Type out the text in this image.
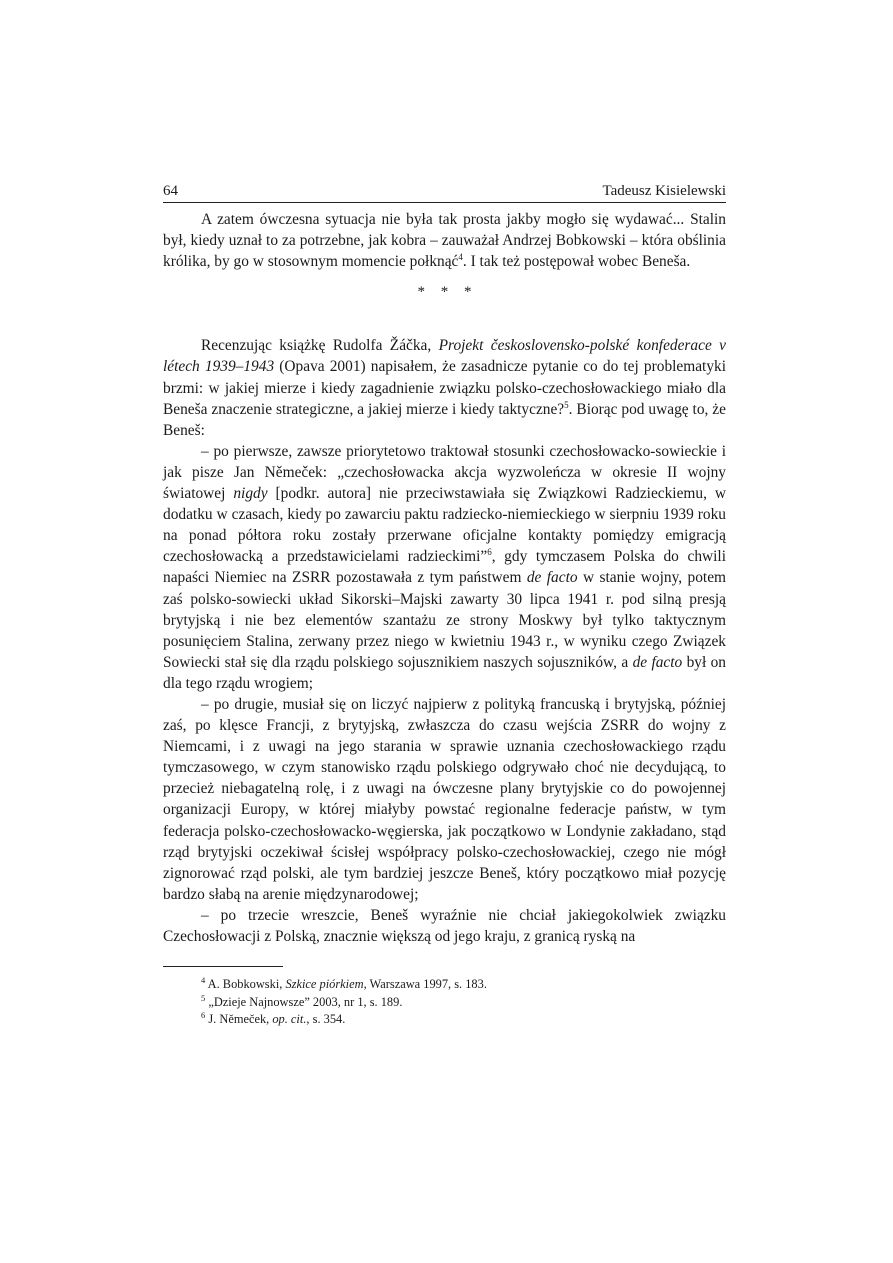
64	Tadeusz Kisielewski

A zatem ówczesna sytuacja nie była tak prosta jakby mogło się wydawać... Stalin był, kiedy uznał to za potrzebne, jak kobra – zauważał Andrzej Bobkowski – która obślinia królika, by go w stosownym momencie połknąć$^4$. I tak też postępował wobec Beneša.

* * *

Recenzując książkę Rudolfa Žáčka, Projekt československo-polské konfederace v létech 1939–1943 (Opava 2001) napisałem, że zasadnicze pytanie co do tej problematyki brzmi: w jakiej mierze i kiedy zagadnienie związku polsko-czechosłowackiego miało dla Beneša znaczenie strategiczne, a jakiej mierze i kiedy taktyczne?$^5$. Biorąc pod uwagę to, że Beneš:

– po pierwsze, zawsze priorytetowo traktował stosunki czechosłowacko-sowieckie i jak pisze Jan Němeček: „czechosłowacka akcja wyzwoleńcza w okresie II wojny światowej nigdy [podkr. autora] nie przeciwstawiała się Związkowi Radzieckiemu, w dodatku w czasach, kiedy po zawarciu paktu radziecko-niemieckiego w sierpniu 1939 roku na ponad półtora roku zostały przerwane oficjalne kontakty pomiędzy emigracją czechosłowacką a przedstawicielami radzieckimi”$^6$, gdy tymczasem Polska do chwili napaści Niemiec na ZSRR pozostawała z tym państwem de facto w stanie wojny, potem zaś polsko-sowiecki układ Sikorski–Majski zawarty 30 lipca 1941 r. pod silną presją brytyjską i nie bez elementów szantażu ze strony Moskwy był tylko taktycznym posunięciem Stalina, zerwany przez niego w kwietniu 1943 r., w wyniku czego Związek Sowiecki stał się dla rządu polskiego sojusznikiem naszych sojuszników, a de facto był on dla tego rządu wrogiem;

– po drugie, musiał się on liczyć najpierw z polityką francuską i brytyjską, później zaś, po klęsce Francji, z brytyjską, zwłaszcza do czasu wejścia ZSRR do wojny z Niemcami, i z uwagi na jego starania w sprawie uznania czechosłowackiego rządu tymczasowego, w czym stanowisko rządu polskiego odgrywało choć nie decydującą, to przecież niebagatelną rolę, i z uwagi na ówczesne plany brytyjskie co do powojennej organizacji Europy, w której miałyby powstać regionalne federacje państw, w tym federacja polsko-czechosłowacko-węgierska, jak początkowo w Londynie zakładano, stąd rząd brytyjski oczekiwał ścisłej współpracy polsko-czechosłowackiej, czego nie mógł zignorować rząd polski, ale tym bardziej jeszcze Beneš, który początkowo miał pozycję bardzo słabą na arenie międzynarodowej;

– po trzecie wreszcie, Beneš wyraźnie nie chciał jakiegokolwiek związku Czechosłowacji z Polską, znacznie większą od jego kraju, z granicą ryską na

$^4$ A. Bobkowski, Szkice piórkiem, Warszawa 1997, s. 183.
$^5$ „Dzieje Najnowsze” 2003, nr 1, s. 189.
$^6$ J. Němeček, op. cit., s. 354.
